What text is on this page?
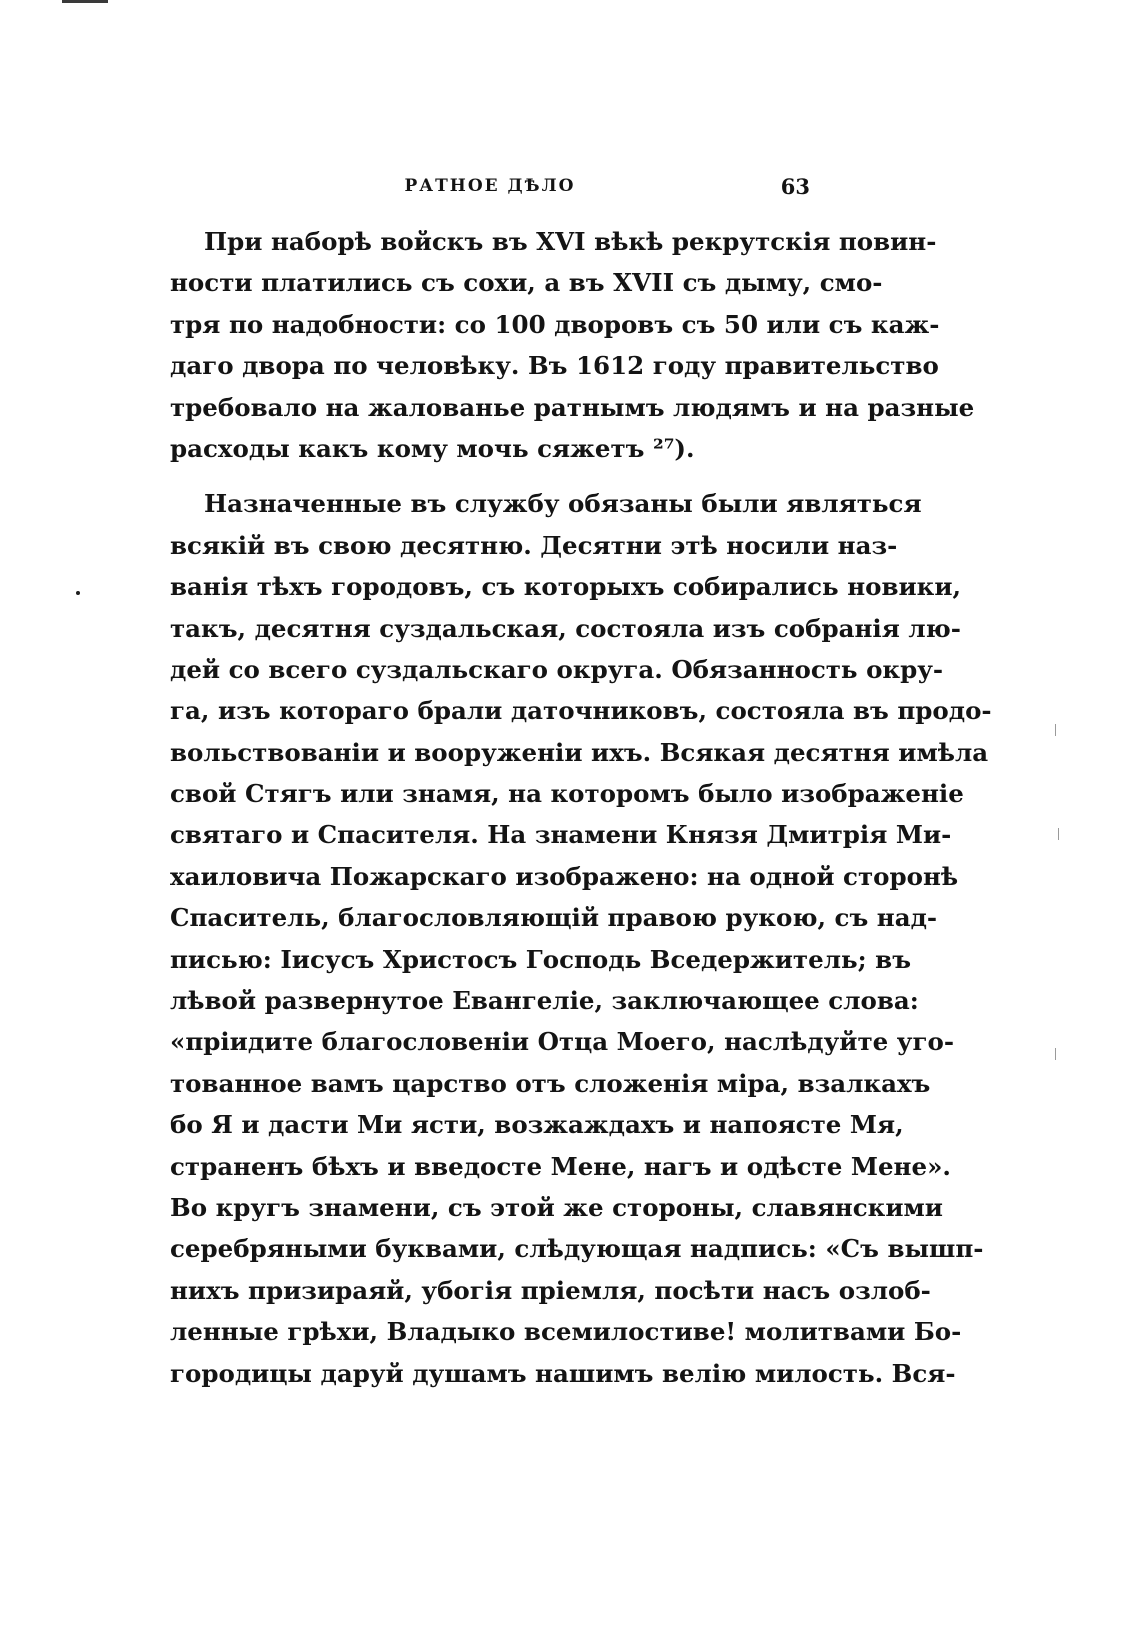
РАТНОЕ ДѢЛО	63
При наборѣ войскъ въ XVI вѣкѣ рекрутскія повин-
ности платились съ сохи, а въ XVII съ дыму, смо-
тря по надобности: со 100 дворовъ съ 50 или съ кaж-
даго двора по человѣку. Въ 1612 году правительство
требовало на жалованье ратнымъ людямъ и на разные
расходы какъ кому мочь сяжетъ ²⁷).
Назначенные въ службу обязаны были являться
всякій въ свою десятню. Десятни этѣ носили наз-
ванія тѣхъ городовъ, съ которыхъ собирались новики,
такъ, десятня суздальская, состояла изъ собранія лю-
дей со всего суздальскаго округа. Обязанность окру-
га, изъ котораго брали даточниковъ, состояла въ продо-
вольствованіи и вооруженіи ихъ. Всякая десятня имѣла
свой Стягъ или знамя, на которомъ было изображеніе
святаго и Спасителя. На знамени Князя Дмитрія Ми-
хаиловича Пожарскаго изображено: на одной сторонѣ
Спаситель, благословляющій правою рукою, съ над-
писью: Іисусъ Христосъ Господь Вседержитель; въ
лѣвой развернутое Евангеліе, заключающее слова:
«пріидите благословеніи Отца Моего, наслѣдуйте уго-
тованное вамъ царство отъ сложенія міра, взалкахъ
бо Я и дасти Ми ясти, возжаждахъ и напоясте Мя,
страненъ бѣхъ и введосте Мене, нагъ и одѣсте Мене».
Во кругъ знамени, съ этой же стороны, славянскими
серебряными буквами, слѣдующая надпись: «Съ вышп-
нихъ призираяй, убогія пріемля, посѣти насъ озлоб-
ленные грѣхи, Владыко всемилостиве! молитвами Бо-
городицы даруй душамъ нашимъ велію милость. Вся-
